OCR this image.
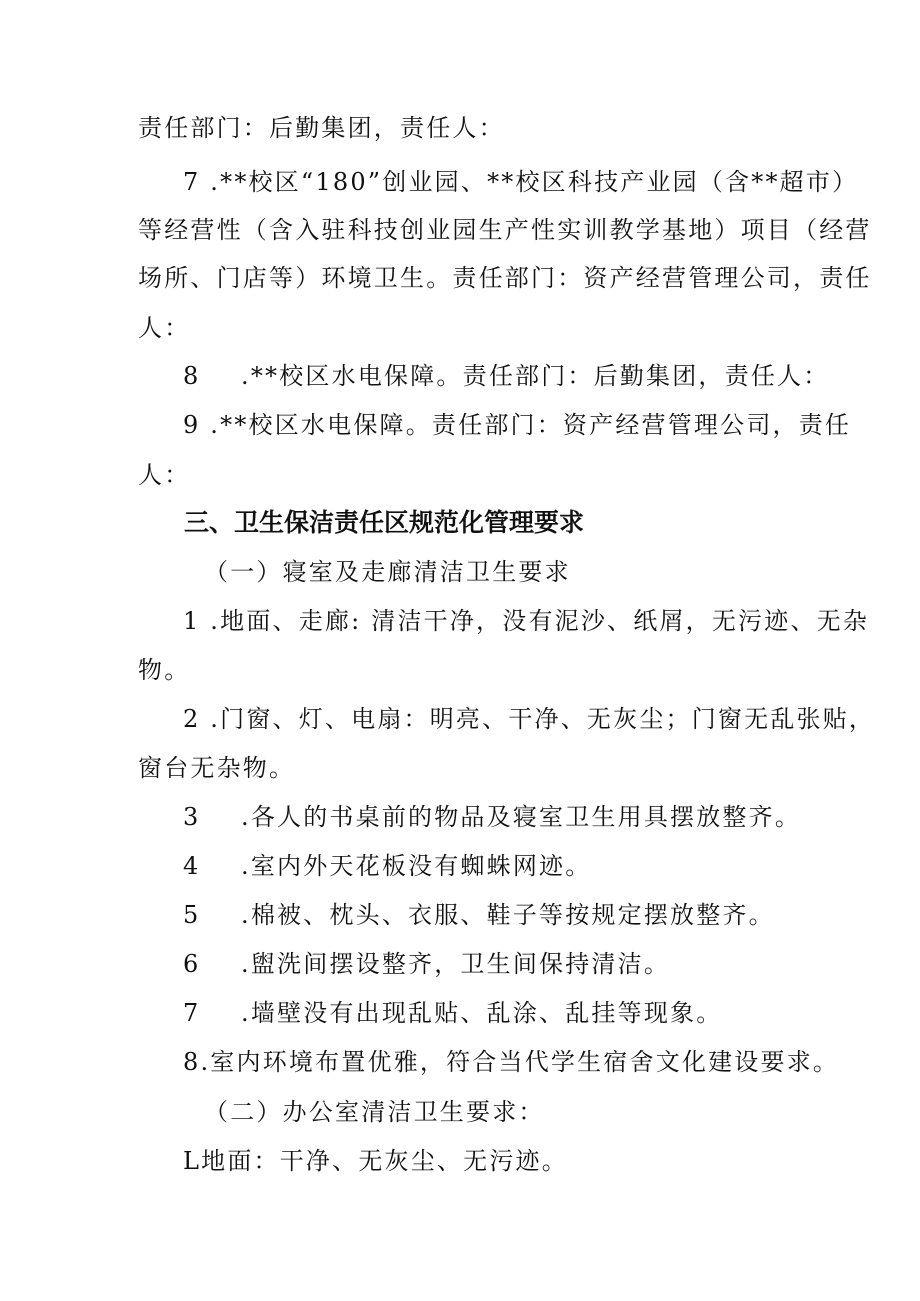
责任部门：后勤集团，责任人：
7 .**校区“180”创业园、**校区科技产业园（含**超市）
等经营性（含入驻科技创业园生产性实训教学基地）项目（经营
场所、门店等）环境卫生。责任部门：资产经营管理公司，责任
人：
8 .**校区水电保障。责任部门：后勤集团，责任人：
9 .**校区水电保障。责任部门：资产经营管理公司，责任
人：
三、卫生保洁责任区规范化管理要求
（一）寝室及走廊清洁卫生要求
1 .地面、走廊: 清洁干净，没有泥沙、纸屑，无污迹、无杂
物。
2 .门窗、灯、电扇：明亮、干净、无灰尘；门窗无乱张贴，
窗台无杂物。
3 .各人的书桌前的物品及寝室卫生用具摆放整齐。
4 .室内外天花板没有蜘蛛网迹。
5 .棉被、枕头、衣服、鞋子等按规定摆放整齐。
6 .盥洗间摆设整齐，卫生间保持清洁。
7 .墙壁没有出现乱贴、乱涂、乱挂等现象。
8.室内环境布置优雅，符合当代学生宿舍文化建设要求。
（二）办公室清洁卫生要求：
L地面：干净、无灰尘、无污迹。
